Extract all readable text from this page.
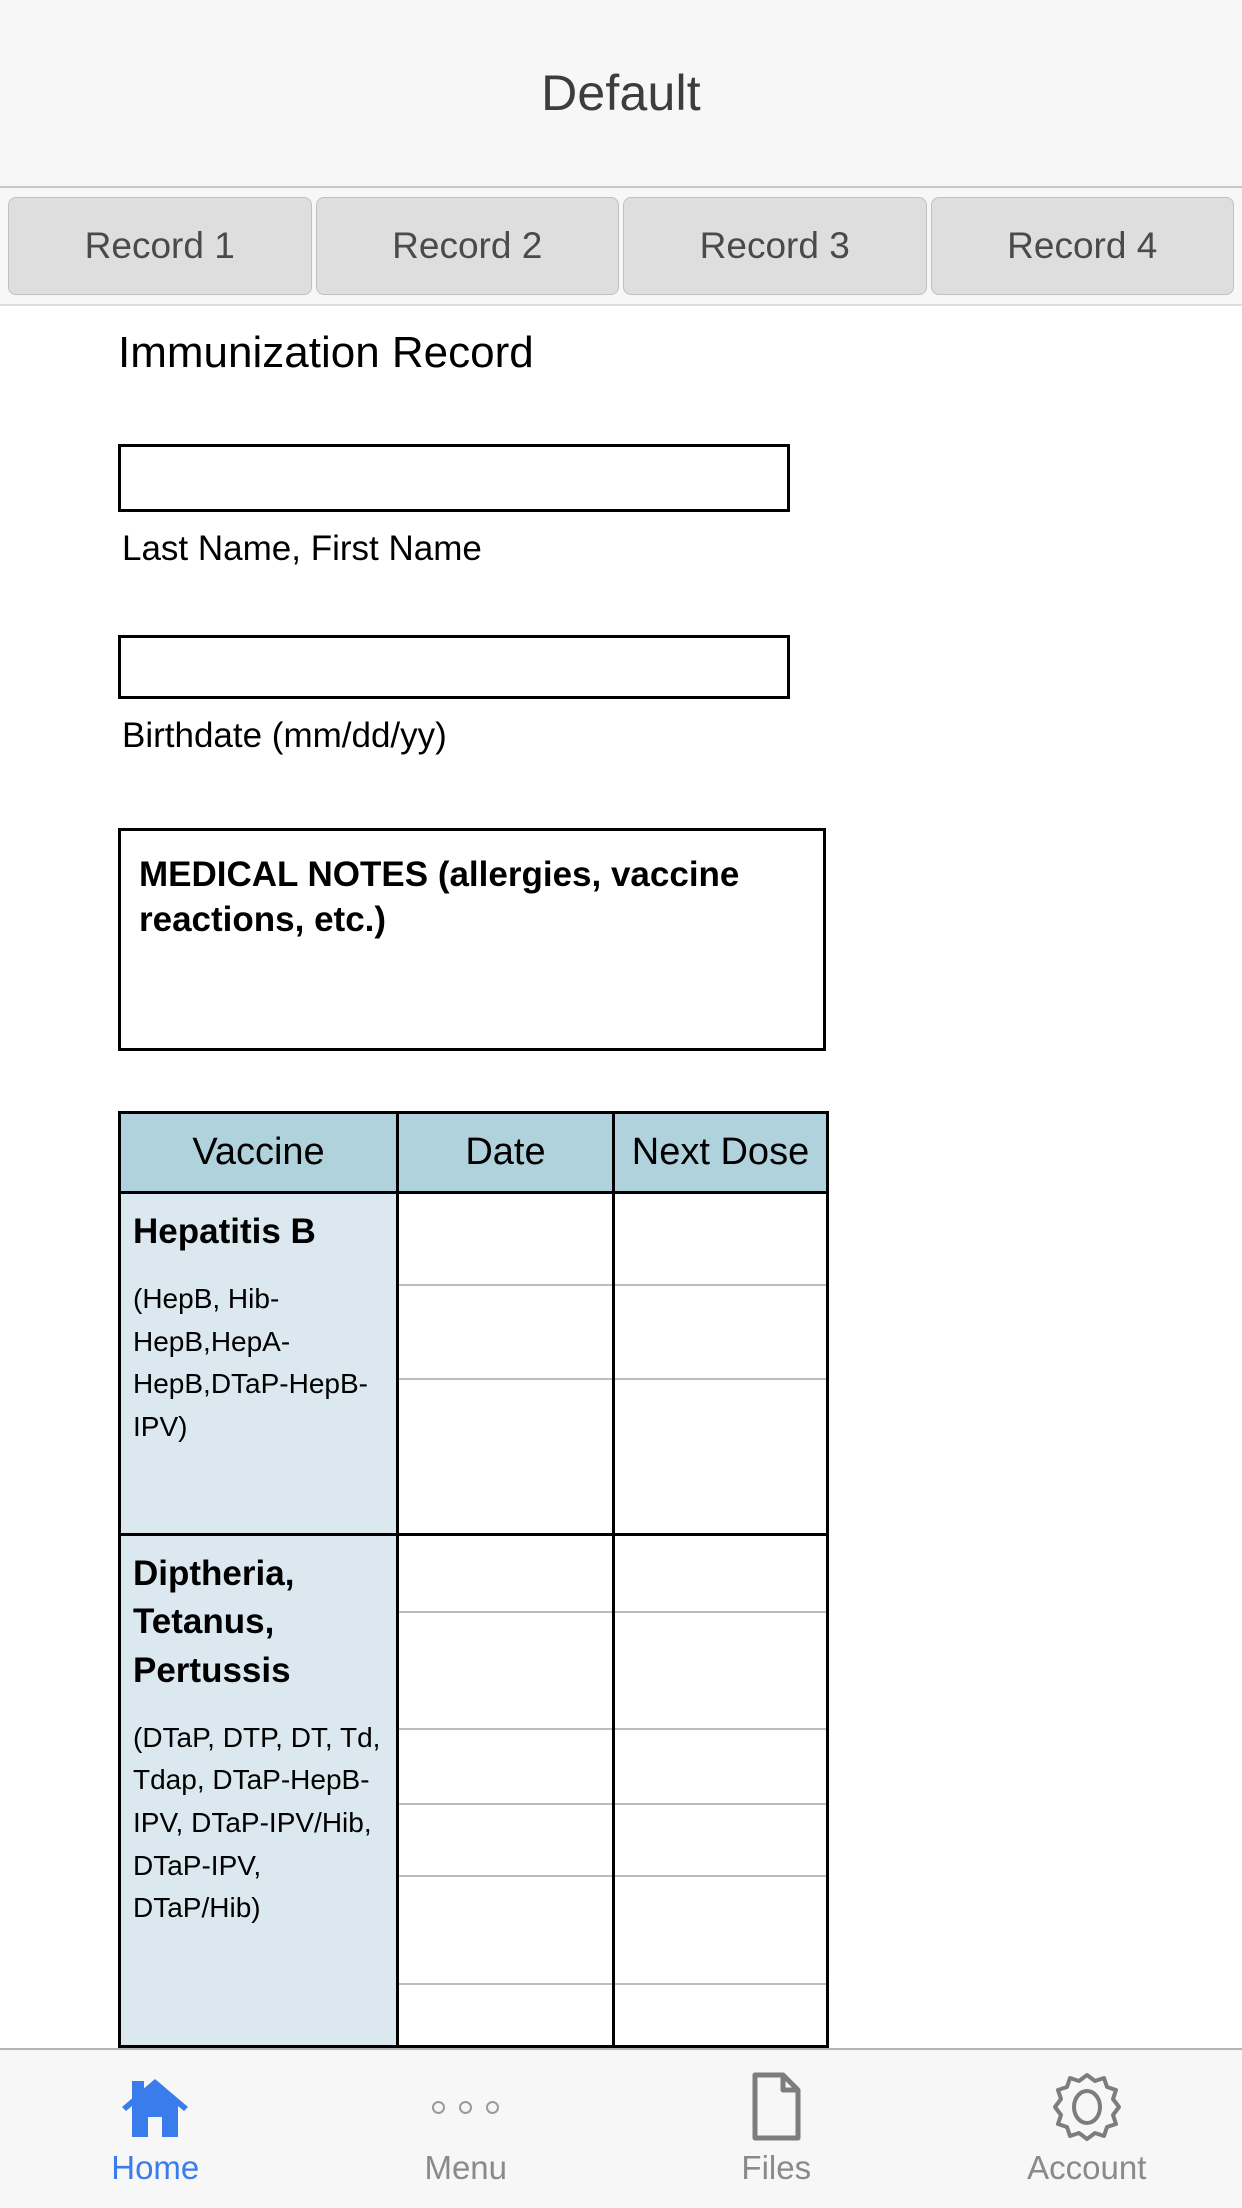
Default
Record 1	Record 2	Record 3	Record 4
Immunization Record
Last Name, First Name
Birthdate (mm/dd/yy)
MEDICAL NOTES (allergies, vaccine reactions, etc.)
Vaccine	Date	Next Dose

Hepatitis B
(HepB, Hib-HepB,HepA-HepB,DTaP-HepB-IPV)		

Diptheria, Tetanus, Pertussis
(DTaP, DTP, DT, Td, Tdap, DTaP-HepB-IPV, DTaP-IPV/Hib, DTaP-IPV, DTaP/Hib)		

Home	Menu	Files	Account
